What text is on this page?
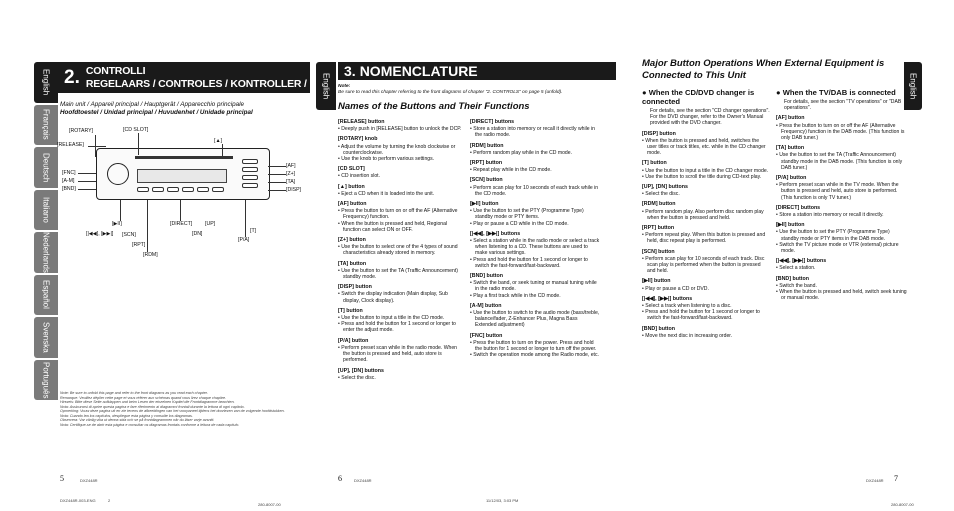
English
Français
Deutsch
Italiano
Nederlands
Español
Svenska
Português
2.
CONTROLS / LES COMMANDES / REGLER / CONTROLLI
REGELAARS / CONTROLES / KONTROLLER / CONTROLOS
Main unit / Appareil principal / Hauptgerät / Apparecchio principale
Hoofdtoestel / Unidad principal / Huvudenhet / Unidade principal
[ROTARY]
[RELEASE]
[CD SLOT]
[▲]
[AF]
[Z+]
[TA]
[DISP]
[FNC]
[A-M]
[BND]
[|◀◀], [▶▶|]
[▶II]
[SCN]
[RPT]
[RDM]
[DIRECT]
[DN]
[UP]
[T]
[P/A]
Note: Be sure to unfold this page and refer to the front diagrams as you read each chapter.
Remarque: Veuillez déplier cette page et vous référer aux schémas quand vous lirez chaque chapitre.
Hinweis: Bitte diese Seite aufklappen und beim Lesen der einzelnen Kapitel die Frontdiagramme beachten.
Nota: Assicurarsi di aprire questa pagina e fare riferimento ai diagrammi frontali durante la lettura di ogni capitolo.
Opmerking: Vouw deze pagina uit en zie tevens de afbeeldingen van het voorpaneel tijdens het doorlezen van de volgende hoofdstukken.
Nota: Cuando lea los capítulos, despliegue esta página y consulte los diagramas.
Observera: Var vänlig vika ut denna sida och se på frontdiagrammen när du läser varje avsnitt.
Nota: Certifique-se de abrir esta página e consultar os diagramas frontais conforme a leitura de cada capítulo.
5	DXZ448R
DXZ448R-003-ENG	2
280-8007-00
English
3. NOMENCLATURE
Note:
Be sure to read this chapter referring to the front diagrams of chapter "2. CONTROLS" on page 5 (unfold).
Names of the Buttons and Their Functions
[RELEASE] button
• Deeply push in [RELEASE] button to unlock the DCP.
[ROTARY] knob
• Adjust the volume by turning the knob clockwise or counterclockwise.
• Use the knob to perform various settings.
[CD SLOT]
• CD insertion slot.
[▲] button
• Eject a CD when it is loaded into the unit.
[AF] button
• Press the button to turn on or off the AF (Alternative Frequency) function.
• When the button is pressed and held, Regional function can select ON or OFF.
[Z+] button
• Use the button to select one of the 4 types of sound characteristics already stored in memory.
[TA] button
• Use the button to set the TA (Traffic Announcement) standby mode.
[DISP] button
• Switch the display indication (Main display, Sub display, Clock display).
[T] button
• Use the button to input a title in the CD mode.
• Press and hold the button for 1 second or longer to enter the adjust mode.
[P/A] button
• Perform preset scan while in the radio mode. When the button is pressed and held, auto store is performed.
[UP], [DN] buttons
• Select the disc.
[DIRECT] buttons
• Store a station into memory or recall it directly while in the radio mode.
[RDM] button
• Perform random play while in the CD mode.
[RPT] button
• Repeat play while in the CD mode.
[SCN] button
• Perform scan play for 10 seconds of each track while in the CD mode.
[▶II] button
• Use the button to set the PTY (Programme Type) standby mode or PTY items.
• Play or pause a CD while in the CD mode.
[|◀◀], [▶▶|] buttons
• Select a station while in the radio mode or select a track when listening to a CD. These buttons are used to make various settings.
• Press and hold the button for 1 second or longer to switch the fast-forward/fast-backward.
[BND] button
• Switch the band, or seek tuning or manual tuning while in the radio mode.
• Play a first track while in the CD mode.
[A-M] button
• Use the button to switch to the audio mode (bass/treble, balance/fader, Z-Enhancer Plus, Magna Bass Extended adjustment)
[FNC] button
• Press the button to turn on the power. Press and hold the button for 1 second or longer to turn off the power.
• Switch the operation mode among the Radio mode, etc.
6	DXZ448R
11/12/03, 3:03 PM
Major Button Operations When External Equipment is Connected to This Unit	English
● When the CD/DVD changer is connected
For details, see the section "CD changer operations". For the DVD changer, refer to the Owner's Manual provided with the DVD changer.
[DISP] button
• When the button is pressed and held, switches the user titles or track titles, etc. while in the CD changer mode.
[T] button
• Use the button to input a title in the CD changer mode.
• Use the button to scroll the title during CD-text play.
[UP], [DN] buttons
• Select the disc.
[RDM] button
• Perform random play. Also perform disc random play when the button is pressed and held.
[RPT] button
• Perform repeat play. When this button is pressed and held, disc repeat play is performed.
[SCN] button
• Perform scan play for 10 seconds of each track. Disc scan play is performed when the button is pressed and held.
[▶II] button
• Play or pause a CD or DVD.
[|◀◀], [▶▶|] buttons
• Select a track when listening to a disc.
• Press and hold the button for 1 second or longer to switch the fast-forward/fast-backward.
[BND] button
• Move the next disc in increasing order.
● When the TV/DAB is connected
For details, see the section "TV operations" or "DAB operations".
[AF] button
• Press the button to turn on or off the AF (Alternative Frequency) function in the DAB mode. (This function is only DAB tuner.)
[TA] button
• Use the button to set the TA (Traffic Announcement) standby mode in the DAB mode. (This function is only DAB tuner.)
[P/A] button
• Perform preset scan while in the TV mode. When the button is pressed and held, auto store is performed. (This function is only TV tuner.)
[DIRECT] buttons
• Store a station into memory or recall it directly.
[▶II] button
• Use the button to set the PTY (Programme Type) standby mode or PTY items in the DAB mode.
• Switch the TV picture mode or VTR (external) picture mode.
[|◀◀], [▶▶|] buttons
• Select a station.
[BND] button
• Switch the band.
• When the button is pressed and held, switch seek tuning or manual mode.
DXZ448R 7
280-8007-00
